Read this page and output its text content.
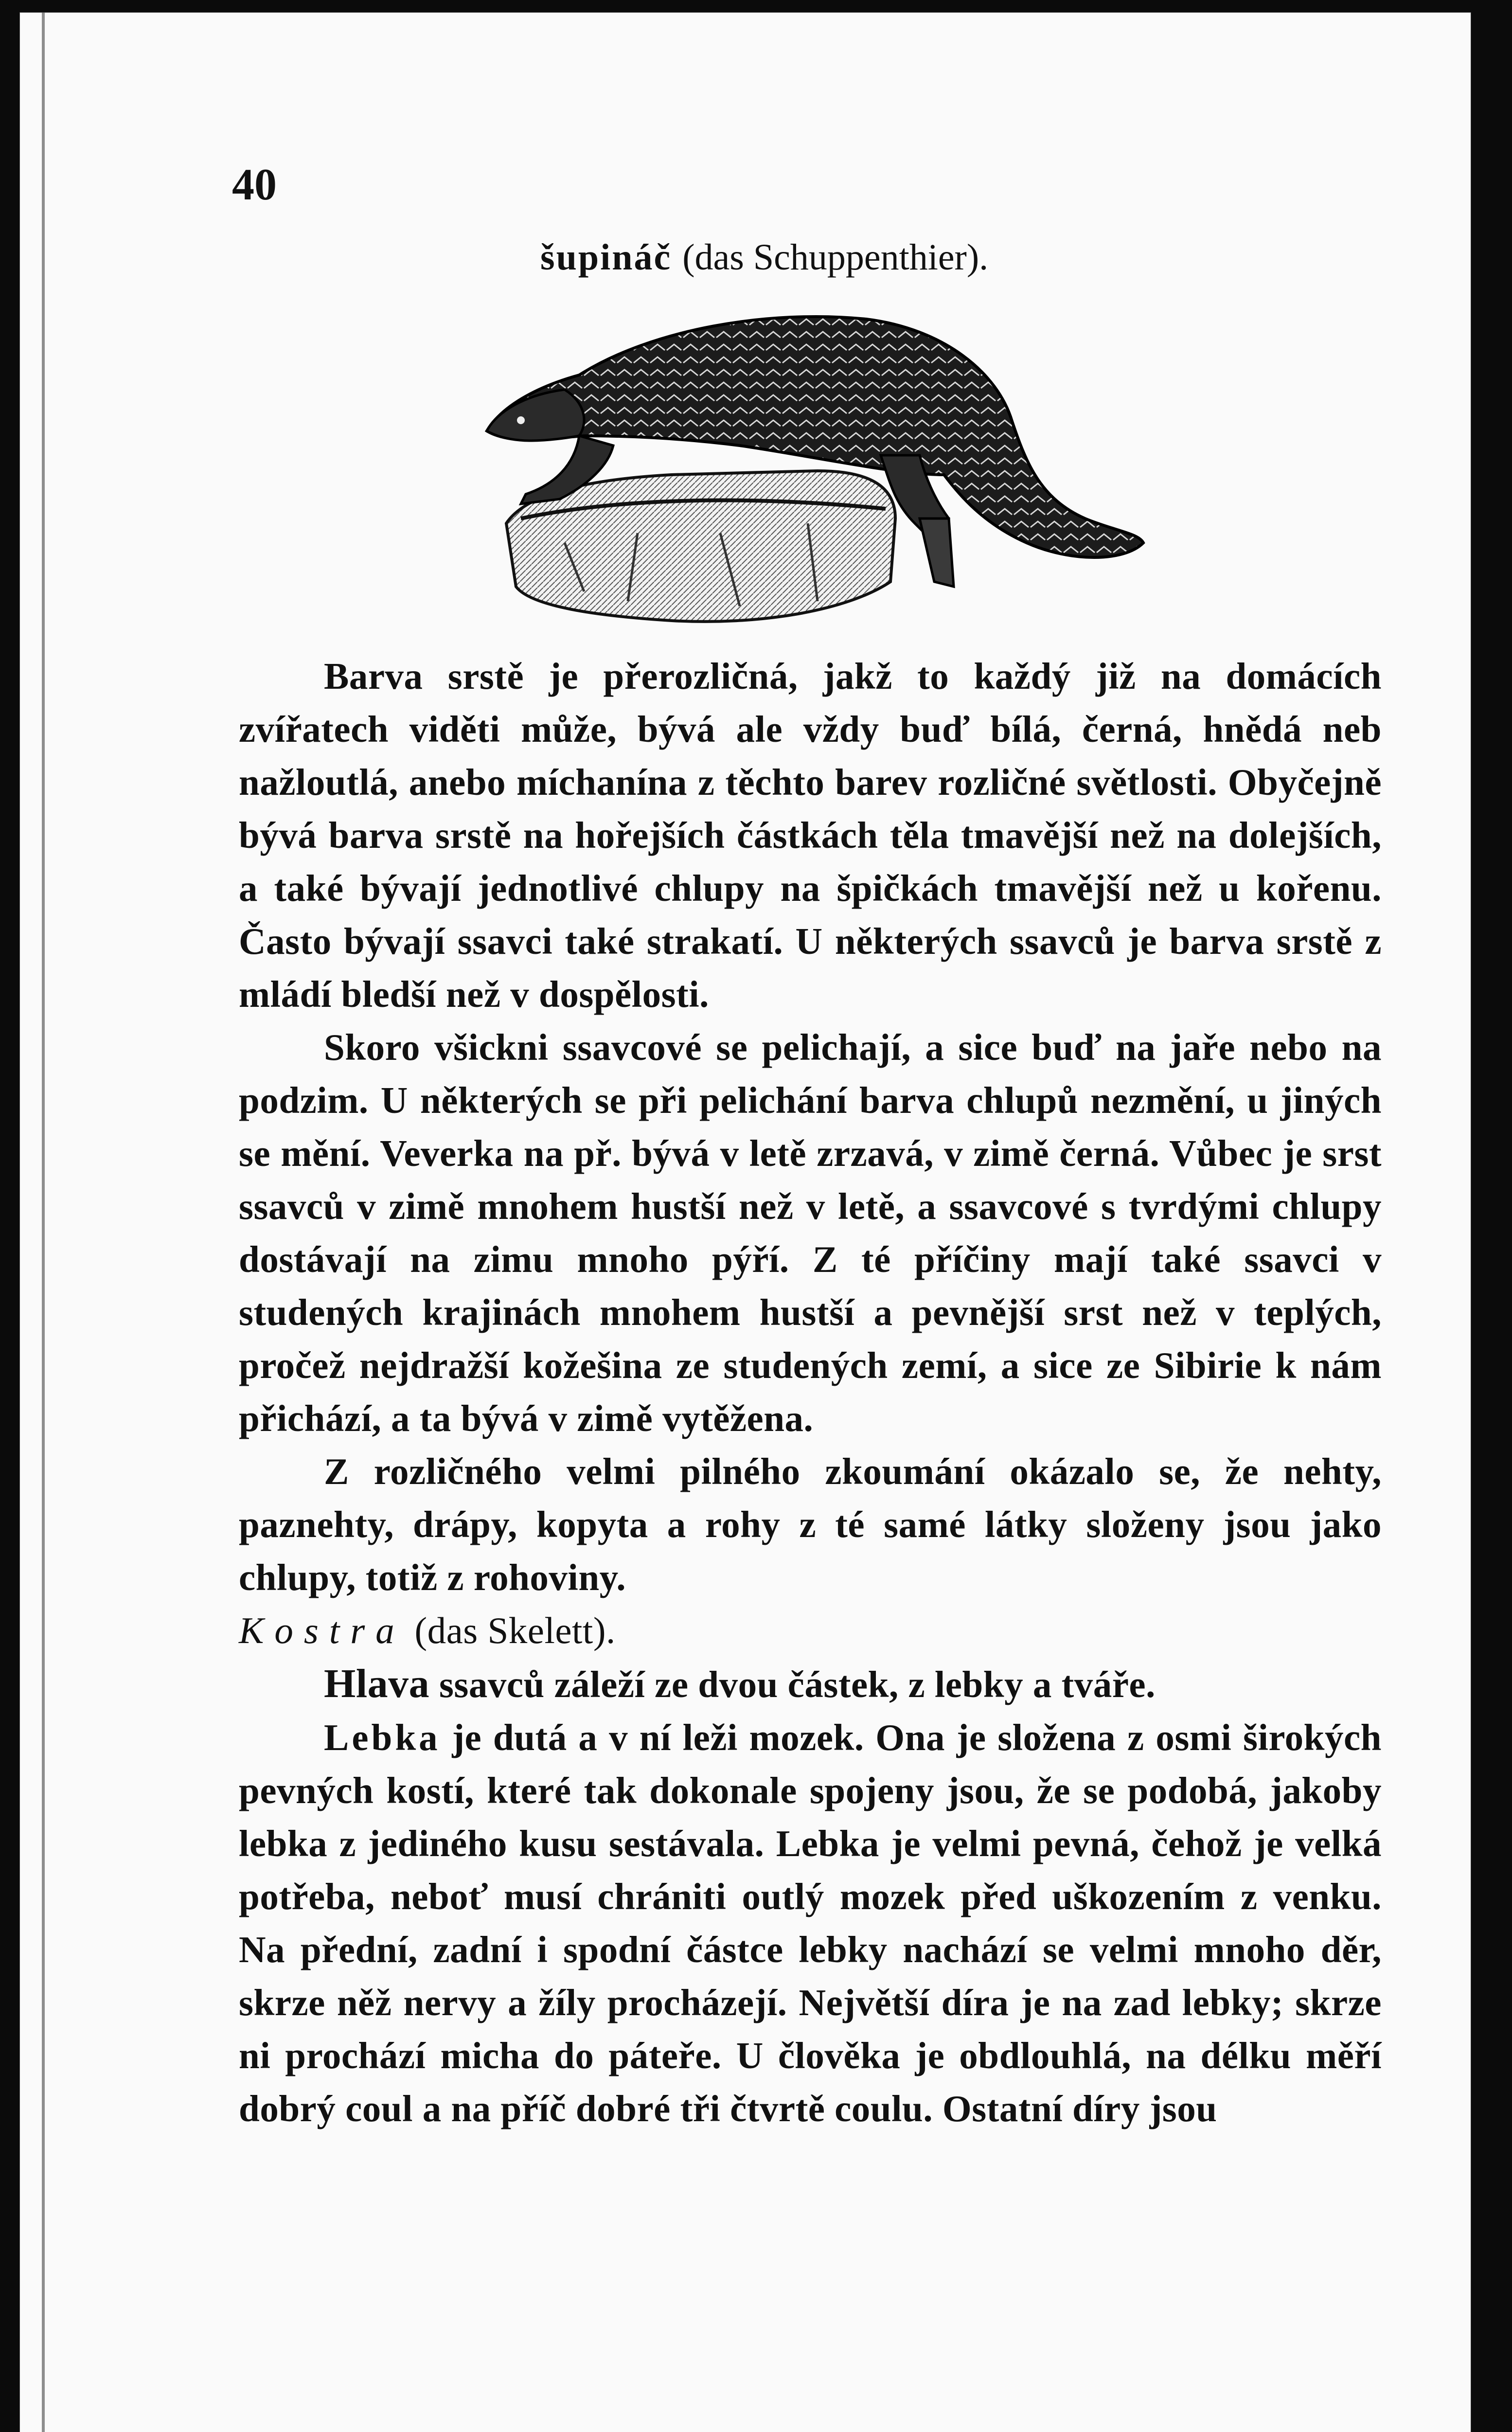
40
šupináč (das Schuppenthier).

Barva srstě je přerozličná, jakž to každý již na domácích zvířatech viděti může, bývá ale vždy buď bílá, černá, hnědá neb nažloutlá, anebo míchanína z těchto barev rozličné světlosti. Obyčejně bývá barva srstě na hořejších částkách těla tmavější než na dolejších, a také bývají jednotlivé chlupy na špičkách tmavější než u kořenu. Často bývají ssavci také strakatí. U některých ssavců je barva srstě z mládí bledší než v dospělosti.

Skoro všickni ssavcové se pelichají, a sice buď na jaře nebo na podzim. U některých se při pelichání barva chlupů nezmění, u jiných se mění. Veverka na př. bývá v letě zrzavá, v zimě černá. Vůbec je srst ssavců v zimě mnohem hustší než v letě, a ssavcové s tvrdými chlupy dostávají na zimu mnoho pýří. Z té příčiny mají také ssavci v studených krajinách mnohem hustší a pevnější srst než v teplých, pročež nejdražší kožešina ze studených zemí, a sice ze Sibirie k nám přichází, a ta bývá v zimě vytěžena.

Z rozličného velmi pilného zkoumání okázalo se, že nehty, paznehty, drápy, kopyta a rohy z té samé látky složeny jsou jako chlupy, totiž z rohoviny.

Kostra (das Skelett).

Hlava ssavců záleží ze dvou částek, z lebky a tváře.

Lebka je dutá a v ní leži mozek. Ona je složena z osmi širokých pevných kostí, které tak dokonale spojeny jsou, že se podobá, jakoby lebka z jediného kusu sestávala. Lebka je velmi pevná, čehož je velká potřeba, neboť musí chrániti outlý mozek před uškozením z venku. Na přední, zadní i spodní částce lebky nachází se velmi mnoho děr, skrze něž nervy a žíly procházejí. Největší díra je na zad lebky; skrze ni prochází micha do páteře. U člověka je obdlouhlá, na délku měří dobrý coul a na příč dobré tři čtvrtě coulu. Ostatní díry jsou
